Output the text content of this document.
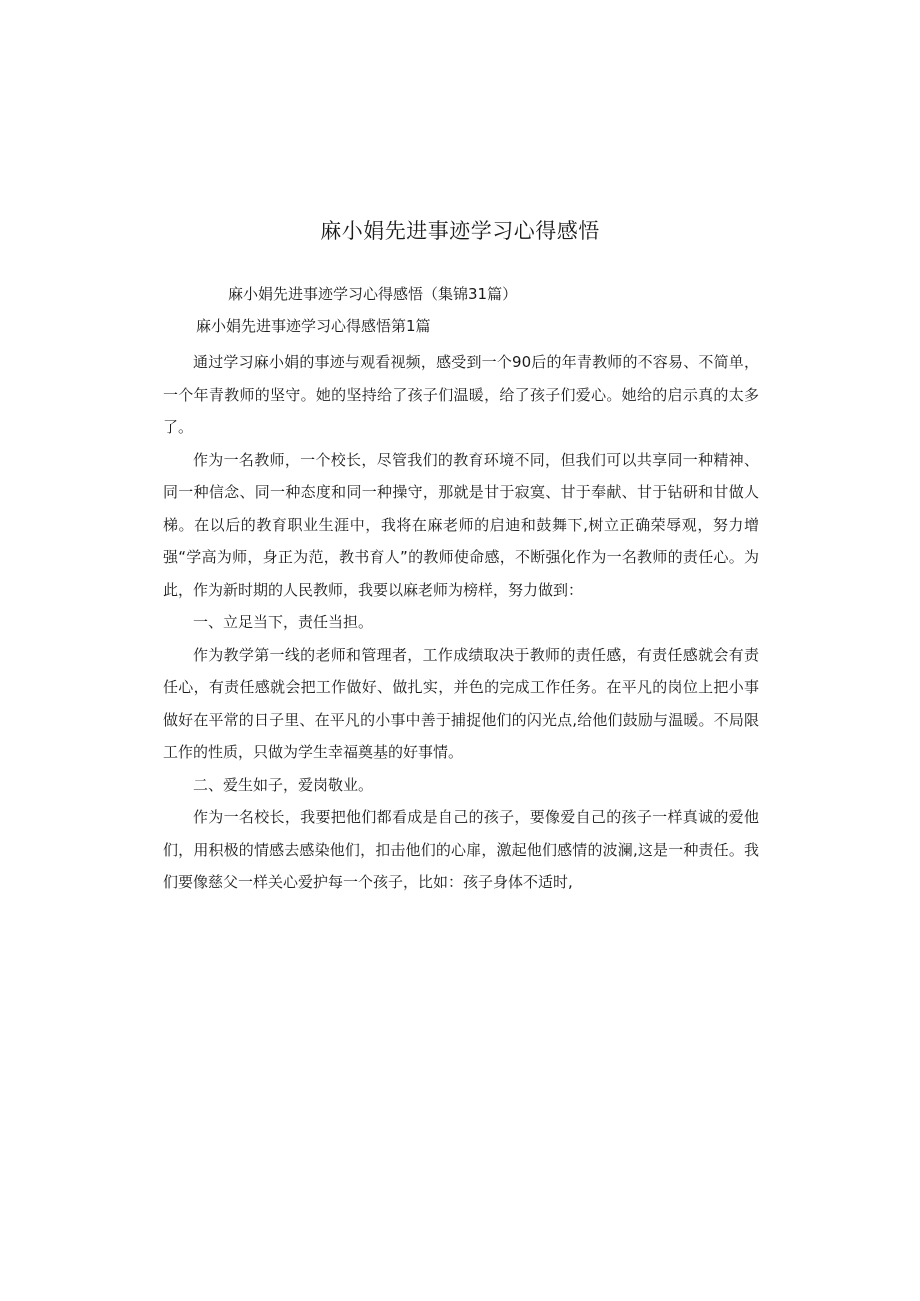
麻小娟先进事迹学习心得感悟
麻小娟先进事迹学习心得感悟（集锦31篇）
麻小娟先进事迹学习心得感悟第1篇

通过学习麻小娟的事迹与观看视频，感受到一个90后的年青教师的不容易、不简单，一个年青教师的坚守。她的坚持给了孩子们温暖，给了孩子们爱心。她给的启示真的太多了。

作为一名教师，一个校长，尽管我们的教育环境不同，但我们可以共享同一种精神、同一种信念、同一种态度和同一种操守，那就是甘于寂寞、甘于奉献、甘于钻研和甘做人梯。在以后的教育职业生涯中，我将在麻老师的启迪和鼓舞下,树立正确荣辱观，努力增强“学高为师，身正为范，教书育人”的教师使命感，不断强化作为一名教师的责任心。为此，作为新时期的人民教师，我要以麻老师为榜样，努力做到：

一、立足当下，责任当担。

作为教学第一线的老师和管理者，工作成绩取决于教师的责任感，有责任感就会有责任心，有责任感就会把工作做好、做扎实，并色的完成工作任务。在平凡的岗位上把小事做好在平常的日子里、在平凡的小事中善于捕捉他们的闪光点,给他们鼓励与温暖。不局限工作的性质，只做为学生幸福奠基的好事情。

二、爱生如子，爱岗敬业。

作为一名校长，我要把他们都看成是自己的孩子，要像爱自己的孩子一样真诚的爱他们，用积极的情感去感染他们，扣击他们的心扉，激起他们感情的波澜,这是一种责任。我们要像慈父一样关心爱护每一个孩子，比如：孩子身体不适时,
